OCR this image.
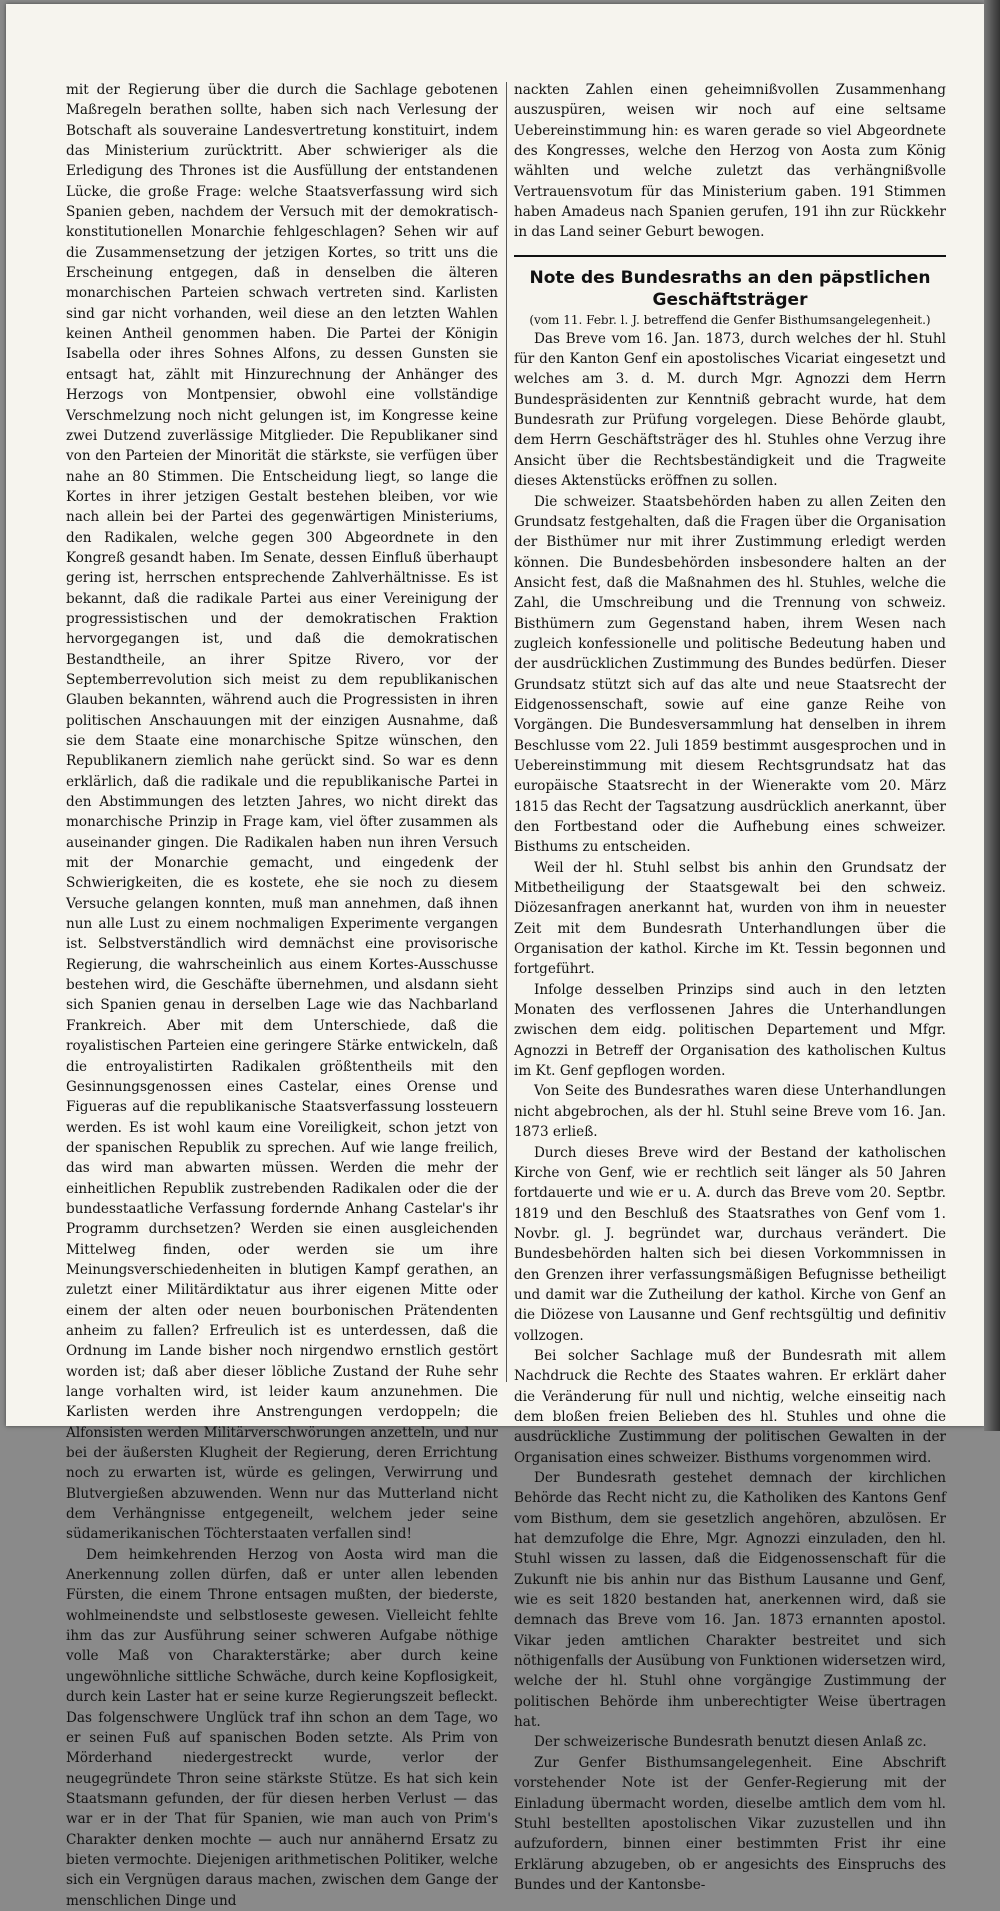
mit der Regierung über die durch die Sachlage gebotenen Maßregeln berathen sollte, haben sich nach Verlesung der Botschaft als souveraine Landesvertretung konstituirt, indem das Ministerium zurücktritt. Aber schwieriger als die Erledigung des Thrones ist die Ausfüllung der entstandenen Lücke, die große Frage: welche Staatsverfassung wird sich Spanien geben, nachdem der Versuch mit der demokratisch-konstitutionellen Monarchie fehlgeschlagen? Sehen wir auf die Zusammensetzung der jetzigen Kortes, so tritt uns die Erscheinung entgegen, daß in denselben die älteren monarchischen Parteien schwach vertreten sind. Karlisten sind gar nicht vorhanden, weil diese an den letzten Wahlen keinen Antheil genommen haben. Die Partei der Königin Isabella oder ihres Sohnes Alfons, zu dessen Gunsten sie entsagt hat, zählt mit Hinzurechnung der Anhänger des Herzogs von Montpensier, obwohl eine vollständige Verschmelzung noch nicht gelungen ist, im Kongresse keine zwei Dutzend zuverlässige Mitglieder. Die Republikaner sind von den Parteien der Minorität die stärkste, sie verfügen über nahe an 80 Stimmen. Die Entscheidung liegt, so lange die Kortes in ihrer jetzigen Gestalt bestehen bleiben, vor wie nach allein bei der Partei des gegenwärtigen Ministeriums, den Radikalen, welche gegen 300 Abgeordnete in den Kongreß gesandt haben. Im Senate, dessen Einfluß überhaupt gering ist, herrschen entsprechende Zahlverhältnisse. Es ist bekannt, daß die radikale Partei aus einer Vereinigung der progressistischen und der demokratischen Fraktion hervorgegangen ist, und daß die demokratischen Bestandtheile, an ihrer Spitze Rivero, vor der Septemberrevolution sich meist zu dem republikanischen Glauben bekannten, während auch die Progressisten in ihren politischen Anschauungen mit der einzigen Ausnahme, daß sie dem Staate eine monarchische Spitze wünschen, den Republikanern ziemlich nahe gerückt sind. So war es denn erklärlich, daß die radikale und die republikanische Partei in den Abstimmungen des letzten Jahres, wo nicht direkt das monarchische Prinzip in Frage kam, viel öfter zusammen als auseinander gingen. Die Radikalen haben nun ihren Versuch mit der Monarchie gemacht, und eingedenk der Schwierigkeiten, die es kostete, ehe sie noch zu diesem Versuche gelangen konnten, muß man annehmen, daß ihnen nun alle Lust zu einem nochmaligen Experimente vergangen ist. Selbstverständlich wird demnächst eine provisorische Regierung, die wahrscheinlich aus einem Kortes-Ausschusse bestehen wird, die Geschäfte übernehmen, und alsdann sieht sich Spanien genau in derselben Lage wie das Nachbarland Frankreich. Aber mit dem Unterschiede, daß die royalistischen Parteien eine geringere Stärke entwickeln, daß die entroyalistirten Radikalen größtentheils mit den Gesinnungsgenossen eines Castelar, eines Orense und Figueras auf die republikanische Staatsverfassung lossteuern werden. Es ist wohl kaum eine Voreiligkeit, schon jetzt von der spanischen Republik zu sprechen. Auf wie lange freilich, das wird man abwarten müssen. Werden die mehr der einheitlichen Republik zustrebenden Radikalen oder die der bundesstaatliche Verfassung fordernde Anhang Castelar's ihr Programm durchsetzen? Werden sie einen ausgleichenden Mittelweg finden, oder werden sie um ihre Meinungsverschiedenheiten in blutigen Kampf gerathen, an zuletzt einer Militärdiktatur aus ihrer eigenen Mitte oder einem der alten oder neuen bourbonischen Prätendenten anheim zu fallen? Erfreulich ist es unterdessen, daß die Ordnung im Lande bisher noch nirgendwo ernstlich gestört worden ist; daß aber dieser löbliche Zustand der Ruhe sehr lange vorhalten wird, ist leider kaum anzunehmen. Die Karlisten werden ihre Anstrengungen verdoppeln; die Alfonsisten werden Militärverschwörungen anzetteln, und nur bei der äußersten Klugheit der Regierung, deren Errichtung noch zu erwarten ist, würde es gelingen, Verwirrung und Blutvergießen abzuwenden. Wenn nur das Mutterland nicht dem Verhängnisse entgegeneilt, welchem jeder seine südamerikanischen Töchterstaaten verfallen sind!

Dem heimkehrenden Herzog von Aosta wird man die Anerkennung zollen dürfen, daß er unter allen lebenden Fürsten, die einem Throne entsagen mußten, der biederste, wohlmeinendste und selbstloseste gewesen. Vielleicht fehlte ihm das zur Ausführung seiner schweren Aufgabe nöthige volle Maß von Charakterstärke; aber durch keine ungewöhnliche sittliche Schwäche, durch keine Kopflosigkeit, durch kein Laster hat er seine kurze Regierungszeit befleckt. Das folgenschwere Unglück traf ihn schon an dem Tage, wo er seinen Fuß auf spanischen Boden setzte. Als Prim von Mörderhand niedergestreckt wurde, verlor der neugegründete Thron seine stärkste Stütze. Es hat sich kein Staatsmann gefunden, der für diesen herben Verlust — das war er in der That für Spanien, wie man auch von Prim's Charakter denken mochte — auch nur annähernd Ersatz zu bieten vermochte. Diejenigen arithmetischen Politiker, welche sich ein Vergnügen daraus machen, zwischen dem Gange der menschlichen Dinge und

nackten Zahlen einen geheimnißvollen Zusammenhang auszuspüren, weisen wir noch auf eine seltsame Uebereinstimmung hin: es waren gerade so viel Abgeordnete des Kongresses, welche den Herzog von Aosta zum König wählten und welche zuletzt das verhängnißvolle Vertrauensvotum für das Ministerium gaben. 191 Stimmen haben Amadeus nach Spanien gerufen, 191 ihn zur Rückkehr in das Land seiner Geburt bewogen.

Note des Bundesraths an den päpstlichen Geschäftsträger

(vom 11. Febr. l. J. betreffend die Genfer Bisthumsangelegenheit.)

Das Breve vom 16. Jan. 1873, durch welches der hl. Stuhl für den Kanton Genf ein apostolisches Vicariat eingesetzt und welches am 3. d. M. durch Mgr. Agnozzi dem Herrn Bundespräsidenten zur Kenntniß gebracht wurde, hat dem Bundesrath zur Prüfung vorgelegen. Diese Behörde glaubt, dem Herrn Geschäftsträger des hl. Stuhles ohne Verzug ihre Ansicht über die Rechtsbeständigkeit und die Tragweite dieses Aktenstücks eröffnen zu sollen.

Die schweizer. Staatsbehörden haben zu allen Zeiten den Grundsatz festgehalten, daß die Fragen über die Organisation der Bisthümer nur mit ihrer Zustimmung erledigt werden können. Die Bundesbehörden insbesondere halten an der Ansicht fest, daß die Maßnahmen des hl. Stuhles, welche die Zahl, die Umschreibung und die Trennung von schweiz. Bisthümern zum Gegenstand haben, ihrem Wesen nach zugleich konfessionelle und politische Bedeutung haben und der ausdrücklichen Zustimmung des Bundes bedürfen. Dieser Grundsatz stützt sich auf das alte und neue Staatsrecht der Eidgenossenschaft, sowie auf eine ganze Reihe von Vorgängen. Die Bundesversammlung hat denselben in ihrem Beschlusse vom 22. Juli 1859 bestimmt ausgesprochen und in Uebereinstimmung mit diesem Rechtsgrundsatz hat das europäische Staatsrecht in der Wienerakte vom 20. März 1815 das Recht der Tagsatzung ausdrücklich anerkannt, über den Fortbestand oder die Aufhebung eines schweizer. Bisthums zu entscheiden.

Weil der hl. Stuhl selbst bis anhin den Grundsatz der Mitbetheiligung der Staatsgewalt bei den schweiz. Diözesanfragen anerkannt hat, wurden von ihm in neuester Zeit mit dem Bundesrath Unterhandlungen über die Organisation der kathol. Kirche im Kt. Tessin begonnen und fortgeführt.

Infolge desselben Prinzips sind auch in den letzten Monaten des verflossenen Jahres die Unterhandlungen zwischen dem eidg. politischen Departement und Mfgr. Agnozzi in Betreff der Organisation des katholischen Kultus im Kt. Genf gepflogen worden.

Von Seite des Bundesrathes waren diese Unterhandlungen nicht abgebrochen, als der hl. Stuhl seine Breve vom 16. Jan. 1873 erließ.

Durch dieses Breve wird der Bestand der katholischen Kirche von Genf, wie er rechtlich seit länger als 50 Jahren fortdauerte und wie er u. A. durch das Breve vom 20. Septbr. 1819 und den Beschluß des Staatsrathes von Genf vom 1. Novbr. gl. J. begründet war, durchaus verändert. Die Bundesbehörden halten sich bei diesen Vorkommnissen in den Grenzen ihrer verfassungsmäßigen Befugnisse betheiligt und damit war die Zutheilung der kathol. Kirche von Genf an die Diözese von Lausanne und Genf rechtsgültig und definitiv vollzogen.

Bei solcher Sachlage muß der Bundesrath mit allem Nachdruck die Rechte des Staates wahren. Er erklärt daher die Veränderung für null und nichtig, welche einseitig nach dem bloßen freien Belieben des hl. Stuhles und ohne die ausdrückliche Zustimmung der politischen Gewalten in der Organisation eines schweizer. Bisthums vorgenommen wird.

Der Bundesrath gestehet demnach der kirchlichen Behörde das Recht nicht zu, die Katholiken des Kantons Genf vom Bisthum, dem sie gesetzlich angehören, abzulösen. Er hat demzufolge die Ehre, Mgr. Agnozzi einzuladen, den hl. Stuhl wissen zu lassen, daß die Eidgenossenschaft für die Zukunft nie bis anhin nur das Bisthum Lausanne und Genf, wie es seit 1820 bestanden hat, anerkennen wird, daß sie demnach das Breve vom 16. Jan. 1873 ernannten apostol. Vikar jeden amtlichen Charakter bestreitet und sich nöthigenfalls der Ausübung von Funktionen widersetzen wird, welche der hl. Stuhl ohne vorgängige Zustimmung der politischen Behörde ihm unberechtigter Weise übertragen hat.

Der schweizerische Bundesrath benutzt diesen Anlaß zc.

Zur Genfer Bisthumsangelegenheit. Eine Abschrift vorstehender Note ist der Genfer-Regierung mit der Einladung übermacht worden, dieselbe amtlich dem vom hl. Stuhl bestellten apostolischen Vikar zuzustellen und ihn aufzufordern, binnen einer bestimmten Frist ihr eine Erklärung abzugeben, ob er angesichts des Einspruchs des Bundes und der Kantonsbe-
